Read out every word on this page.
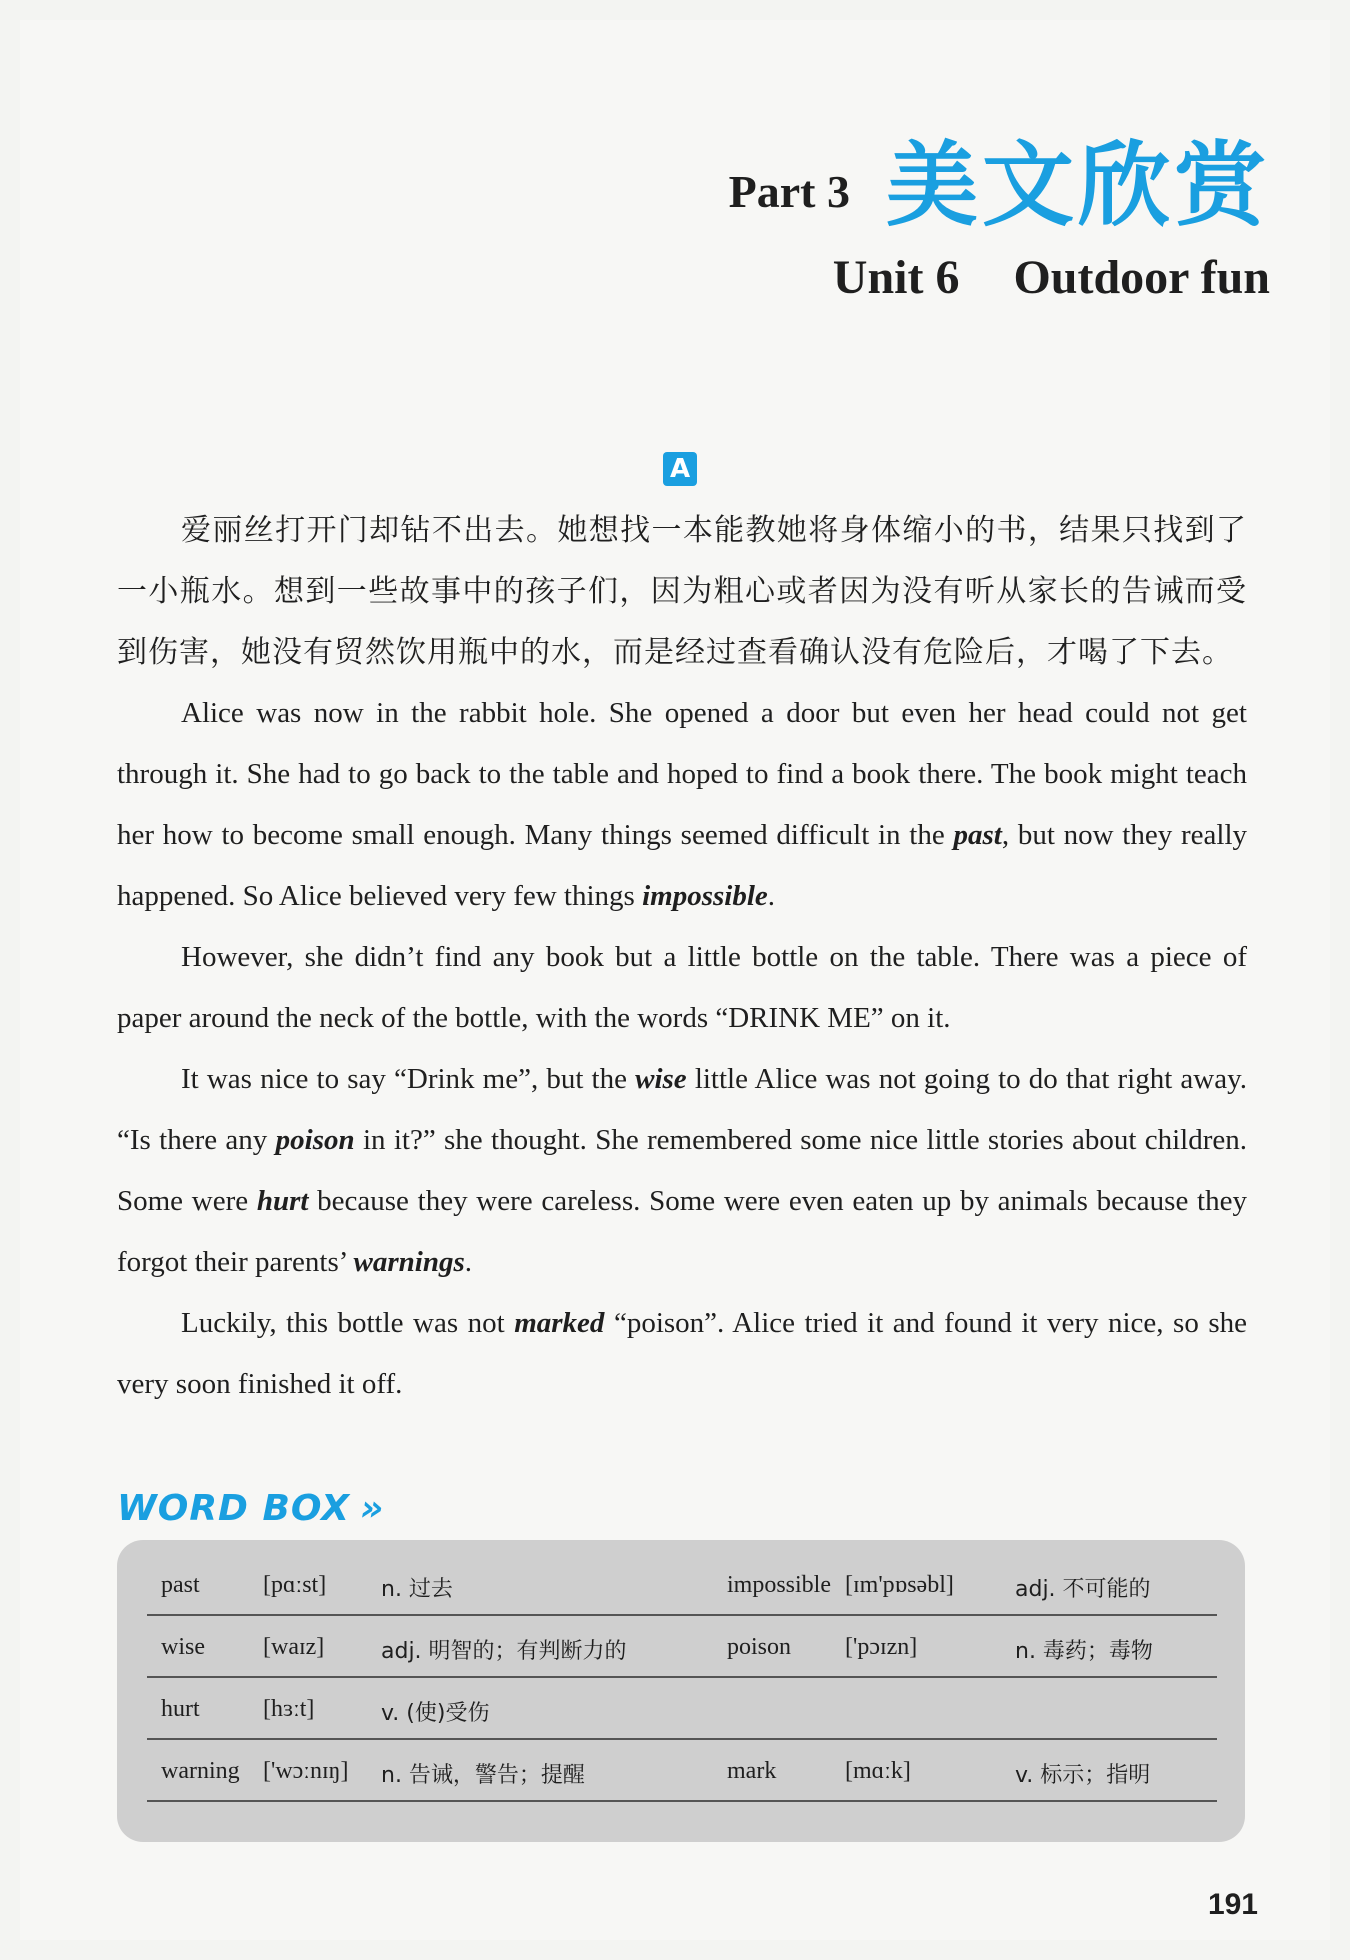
Part 3 美文欣赏
Unit 6 Outdoor fun
A

爱丽丝打开门却钻不出去。她想找一本能教她将身体缩小的书，结果只找到了一小瓶水。想到一些故事中的孩子们，因为粗心或者因为没有听从家长的告诫而受到伤害，她没有贸然饮用瓶中的水，而是经过查看确认没有危险后，才喝了下去。

Alice was now in the rabbit hole. She opened a door but even her head could not get through it. She had to go back to the table and hoped to find a book there. The book might teach her how to become small enough. Many things seemed difficult in the past, but now they really happened. So Alice believed very few things impossible.

However, she didn’t find any book but a little bottle on the table. There was a piece of paper around the neck of the bottle, with the words “DRINK ME” on it.

It was nice to say “Drink me”, but the wise little Alice was not going to do that right away. “Is there any poison in it?” she thought. She remembered some nice little stories about children. Some were hurt because they were careless. Some were even eaten up by animals because they forgot their parents’ warnings.

Luckily, this bottle was not marked “poison”. Alice tried it and found it very nice, so she very soon finished it off.

WORD BOX »
past	[pɑːst] n. 过去	impossible [ɪm'pɒsəbl]	adj. 不可能的
wise [waɪz]	adj. 明智的；有判断力的	poison ['pɔɪzn]	n. 毒药；毒物
hurt	[hɜːt]	v. (使)受伤
warning ['wɔːnɪŋ] n. 告诫，警告；提醒	mark	[mɑːk]	v. 标示；指明
191
